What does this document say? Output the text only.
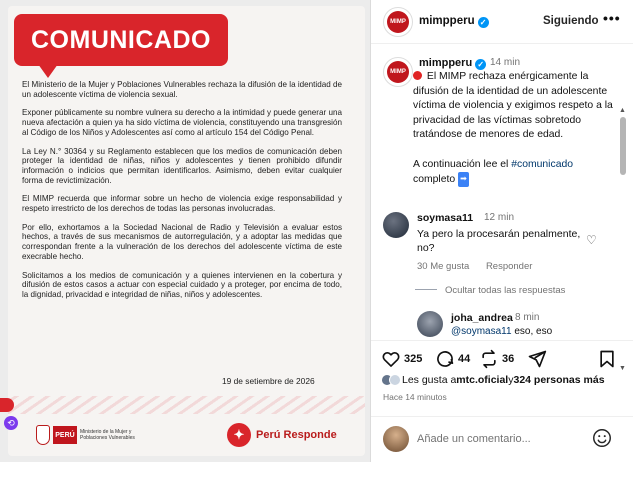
COMUNICADO

El Ministerio de la Mujer y Poblaciones Vulnerables rechaza la difusión de la identidad de un adolescente víctima de violencia sexual.

Exponer públicamente su nombre vulnera su derecho a la intimidad y puede generar una nueva afectación a quien ya ha sido víctima de violencia, constituyendo una transgresión al Código de los Niños y Adolescentes así como al artículo 154 del Código Penal.

La Ley N.° 30364 y su Reglamento establecen que los medios de comunicación deben proteger la identidad de niñas, niños y adolescentes y tienen prohibido difundir información o indicios que permitan identificarlos. Asimismo, deben evitar cualquier forma de revictimización.

El MIMP recuerda que informar sobre un hecho de violencia exige responsabilidad y respeto irrestricto de los derechos de todas las personas involucradas.

Por ello, exhortamos a la Sociedad Nacional de Radio y Televisión a evaluar estos hechos, a través de sus mecanismos de autorregulación, y a adoptar las medidas que correspondan frente a la vulneración de los derechos del adolescente víctima de este execrable hecho.

Solicitamos a los medios de comunicación y a quienes intervienen en la cobertura y difusión de estos casos a actuar con especial cuidado y a proteger, por encima de todo, la dignidad, privacidad e integridad de niñas, niños y adolescentes.

19 de setiembre de 2026
PERÚ	Ministerio de la Mujer y Poblaciones Vulnerables	✦	Perú Responde
⟲
MIMP mimpperu ✓	Siguiendo •••
MIMP
mimpperu ✓ 14 min
El MIMP rechaza enérgicamente la difusión de la identidad de un adolescente víctima de violencia y exigimos respeto a la privacidad de las víctimas sobretodo tratándose de menores de edad.

A continuación lee el #comunicado
completo ➡
soymasa11 12 min
Ya pero la procesarán penalmente, no?
♡
30 Me gusta Responder
Ocultar todas las respuestas
joha_andrea 8 min
@soymasa11 eso, eso
▲
▼
325	44	36
Les gusta a mtc.oficial y 324 personas más
Hace 14 minutos
Añade un comentario...
